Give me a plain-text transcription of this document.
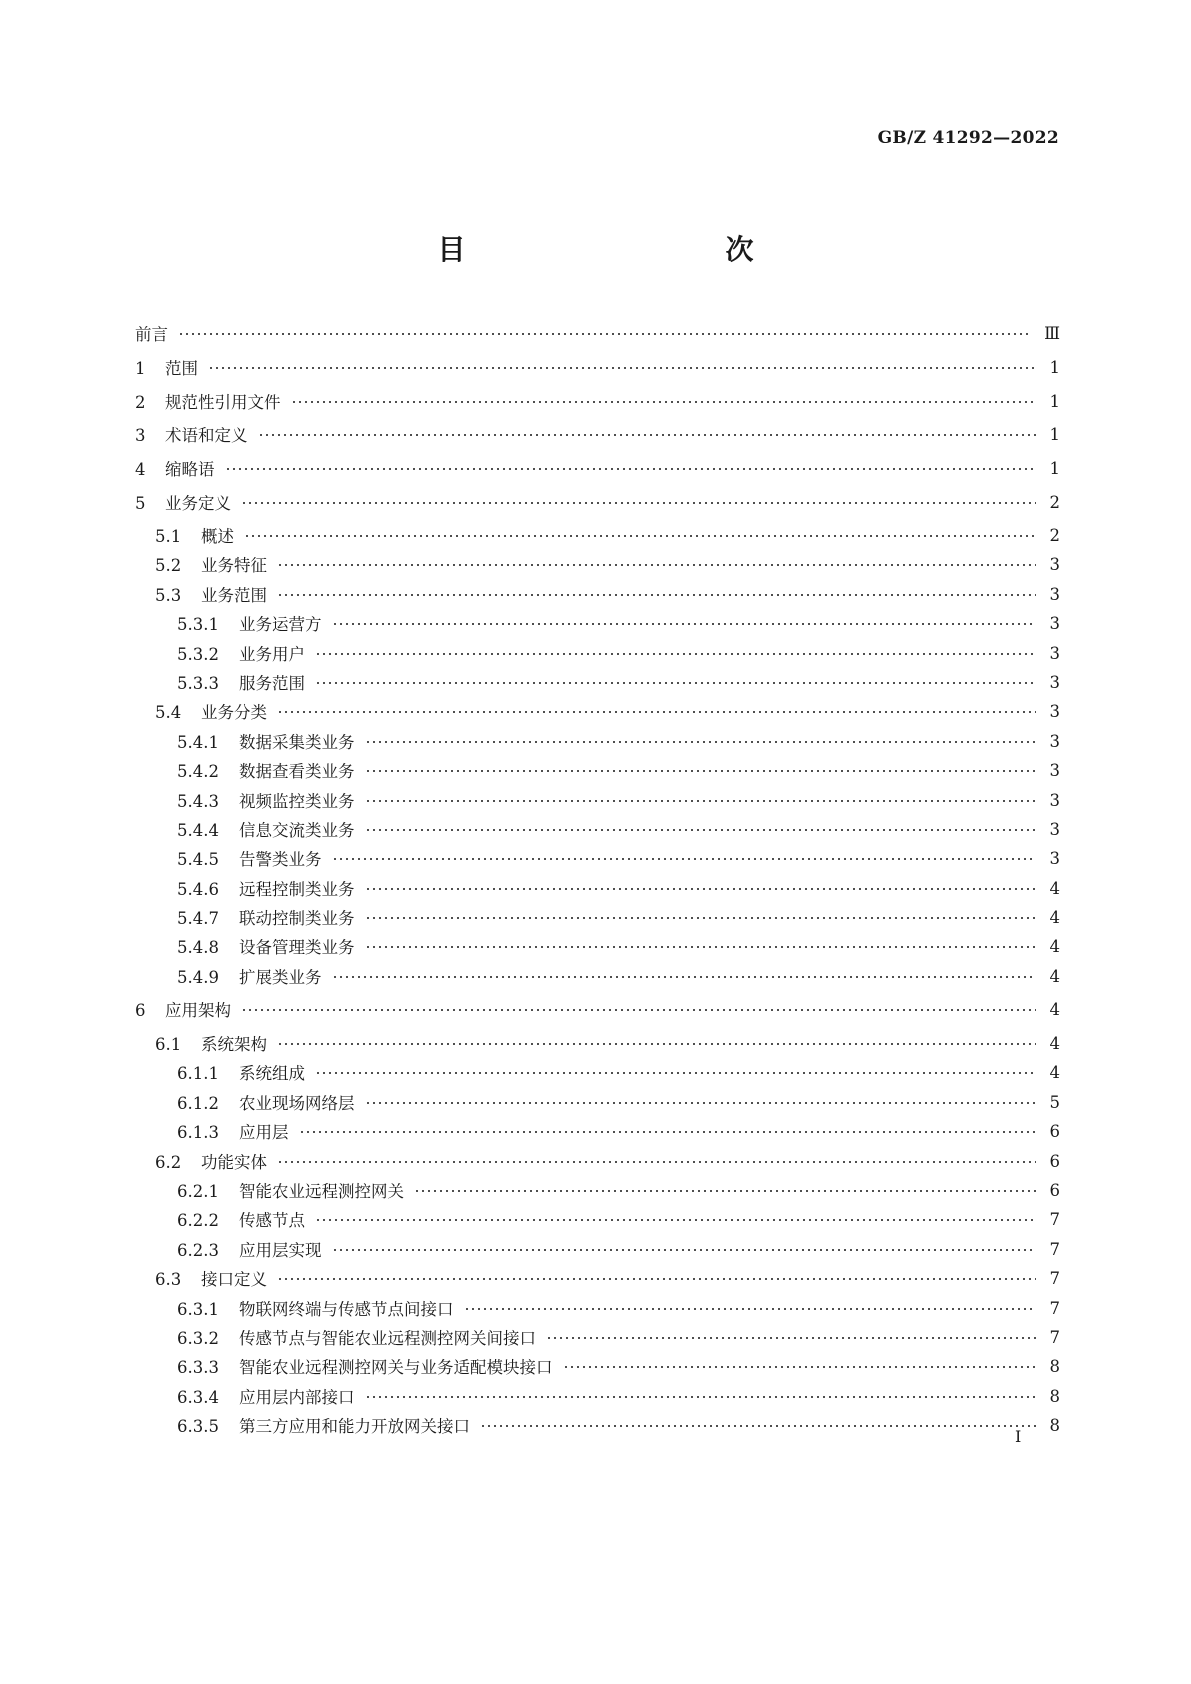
GB/Z 41292—2022
目　　次
前言	Ⅲ
1 范围	1
2 规范性引用文件	1
3 术语和定义	1
4 缩略语	1
5 业务定义	2
5.1 概述	2
5.2 业务特征	3
5.3 业务范围	3
5.3.1 业务运营方	3
5.3.2 业务用户	3
5.3.3 服务范围	3
5.4 业务分类	3
5.4.1 数据采集类业务	3
5.4.2 数据查看类业务	3
5.4.3 视频监控类业务	3
5.4.4 信息交流类业务	3
5.4.5 告警类业务	3
5.4.6 远程控制类业务	4
5.4.7 联动控制类业务	4
5.4.8 设备管理类业务	4
5.4.9 扩展类业务	4
6 应用架构	4
6.1 系统架构	4
6.1.1 系统组成	4
6.1.2 农业现场网络层	5
6.1.3 应用层	6
6.2 功能实体	6
6.2.1 智能农业远程测控网关	6
6.2.2 传感节点	7
6.2.3 应用层实现	7
6.3 接口定义	7
6.3.1 物联网终端与传感节点间接口	7
6.3.2 传感节点与智能农业远程测控网关间接口	7
6.3.3 智能农业远程测控网关与业务适配模块接口	8
6.3.4 应用层内部接口	8
6.3.5 第三方应用和能力开放网关接口	8
Ⅰ
